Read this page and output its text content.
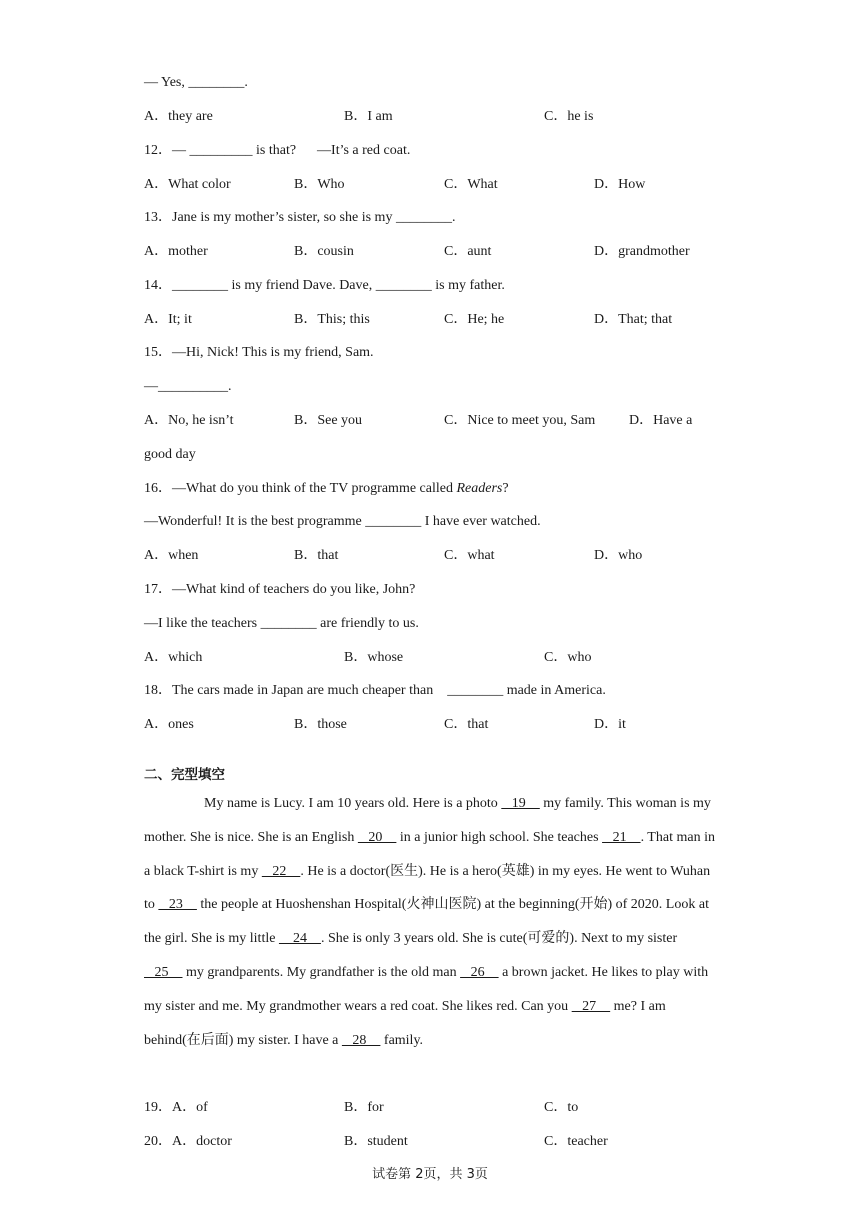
— Yes, ________.
A．they are	B．I am	C．he is
12．— _________ is that?      —It’s a red coat.
A．What color	B．Who	C．What	D．How
13．Jane is my mother’s sister, so she is my ________.
A．mother	B．cousin	C．aunt	D．grandmother
14．________ is my friend Dave. Dave, ________ is my father.
A．It; it	B．This; this	C．He; he	D．That; that
15．—Hi, Nick! This is my friend, Sam.
—__________.
A．No, he isn’t	B．See you	C．Nice to meet you, Sam D．Have a
good day
16．—What do you think of the TV programme called Readers?
—Wonderful! It is the best programme ________ I have ever watched.
A．when	B．that	C．what	D．who
17．—What kind of teachers do you like, John?
—I like the teachers ________ are friendly to us.
A．which	B．whose	C．who
18．The cars made in Japan are much cheaper than    ________ made in America.
A．ones	B．those	C．that	D．it
二、完型填空

My name is Lucy. I am 10 years old. Here is a photo    19     my family. This woman is my mother. She is nice. She is an English    20     in a junior high school. She teaches    21    . That man in a black T-shirt is my    22    . He is a doctor(医生). He is a hero(英雄) in my eyes. He went to Wuhan to    23     the people at Huoshenshan Hospital(火神山医院) at the beginning(开始) of 2020. Look at the girl. She is my little     24    . She is only 3 years old. She is cute(可爱的). Next to my sister    25     my grandparents. My grandfather is the old man    26     a brown jacket. He likes to play with my sister and me. My grandmother wears a red coat. She likes red. Can you    27     me? I am behind(在后面) my sister. I have a    28     family.

19．A．of	B．for	C．to
20．A．doctor	B．student	C．teacher
试卷第 2页，共 3页
